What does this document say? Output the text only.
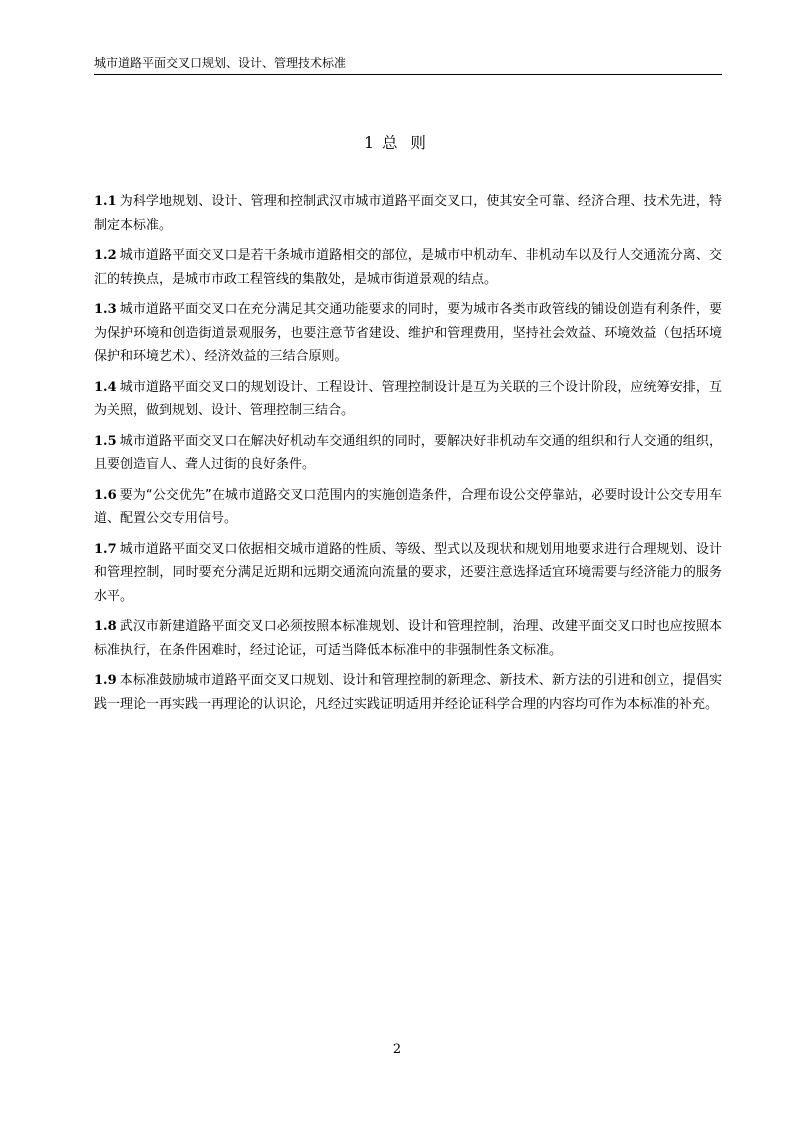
城市道路平面交叉口规划、设计、管理技术标准
1 总 则

1.1 为科学地规划、设计、管理和控制武汉市城市道路平面交叉口，使其安全可靠、经济合理、技术先进，特制定本标准。

1.2 城市道路平面交叉口是若干条城市道路相交的部位，是城市中机动车、非机动车以及行人交通流分离、交汇的转换点，是城市市政工程管线的集散处，是城市街道景观的结点。

1.3 城市道路平面交叉口在充分满足其交通功能要求的同时，要为城市各类市政管线的铺设创造有利条件，要为保护环境和创造街道景观服务，也要注意节省建设、维护和管理费用，坚持社会效益、环境效益（包括环境保护和环境艺术）、经济效益的三结合原则。

1.4 城市道路平面交叉口的规划设计、工程设计、管理控制设计是互为关联的三个设计阶段，应统筹安排，互为关照，做到规划、设计、管理控制三结合。

1.5 城市道路平面交叉口在解决好机动车交通组织的同时，要解决好非机动车交通的组织和行人交通的组织，且要创造盲人、聋人过街的良好条件。

1.6 要为“公交优先”在城市道路交叉口范围内的实施创造条件，合理布设公交停靠站，必要时设计公交专用车道、配置公交专用信号。

1.7 城市道路平面交叉口依据相交城市道路的性质、等级、型式以及现状和规划用地要求进行合理规划、设计和管理控制，同时要充分满足近期和远期交通流向流量的要求，还要注意选择适宜环境需要与经济能力的服务水平。

1.8 武汉市新建道路平面交叉口必须按照本标准规划、设计和管理控制，治理、改建平面交叉口时也应按照本标准执行，在条件困难时，经过论证，可适当降低本标准中的非强制性条文标准。

1.9 本标准鼓励城市道路平面交叉口规划、设计和管理控制的新理念、新技术、新方法的引进和创立，提倡实践一理论一再实践一再理论的认识论，凡经过实践证明适用并经论证科学合理的内容均可作为本标准的补充。

2
